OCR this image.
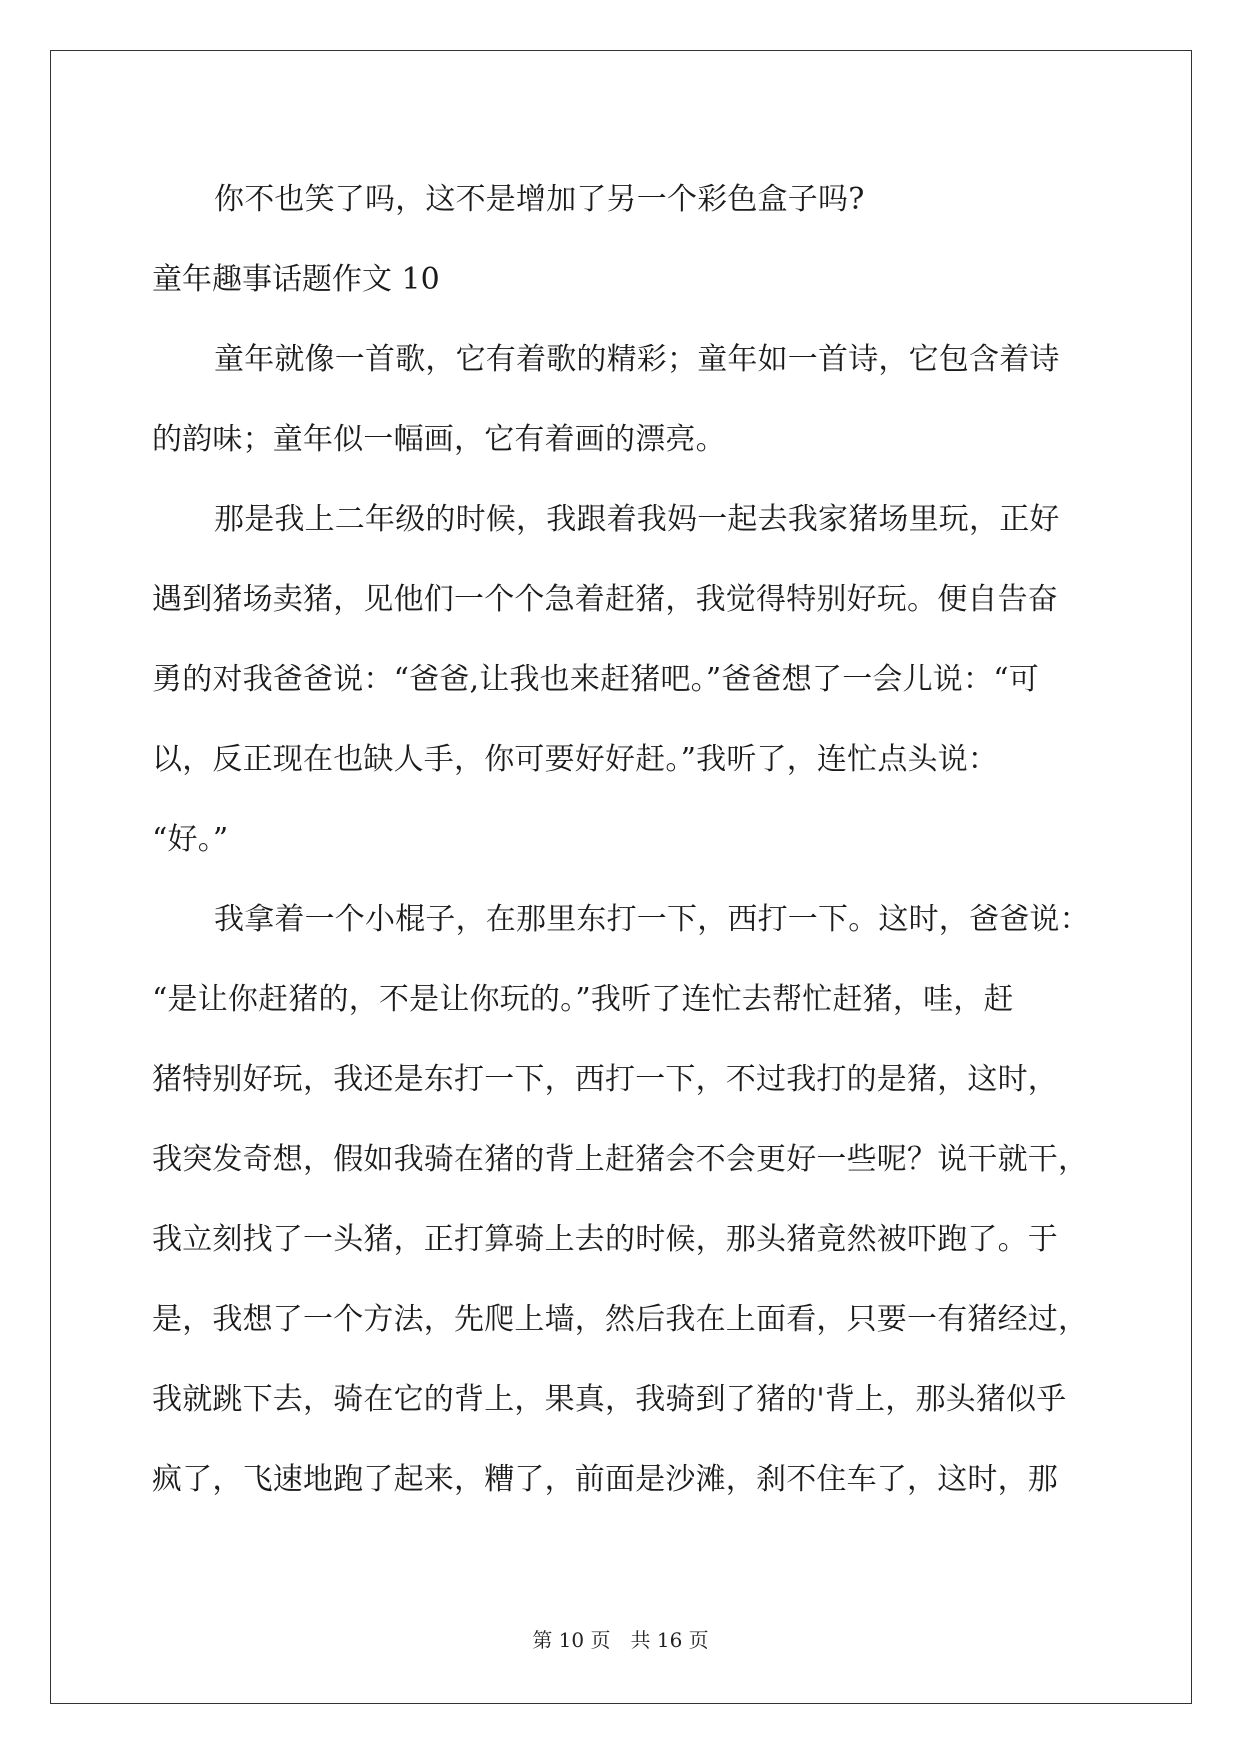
你不也笑了吗，这不是增加了另一个彩色盒子吗?
童年趣事话题作文 10
童年就像一首歌，它有着歌的精彩；童年如一首诗，它包含着诗
的韵味；童年似一幅画，它有着画的漂亮。
那是我上二年级的时候，我跟着我妈一起去我家猪场里玩，正好
遇到猪场卖猪，见他们一个个急着赶猪，我觉得特别好玩。便自告奋
勇的对我爸爸说：“爸爸,让我也来赶猪吧。”爸爸想了一会儿说：“可
以，反正现在也缺人手，你可要好好赶。”我听了，连忙点头说：
“好。”
我拿着一个小棍子，在那里东打一下，西打一下。这时，爸爸说：
“是让你赶猪的，不是让你玩的。”我听了连忙去帮忙赶猪，哇，赶
猪特别好玩，我还是东打一下，西打一下，不过我打的是猪，这时，
我突发奇想，假如我骑在猪的背上赶猪会不会更好一些呢？说干就干，
我立刻找了一头猪，正打算骑上去的时候，那头猪竟然被吓跑了。于
是，我想了一个方法，先爬上墙，然后我在上面看，只要一有猪经过，
我就跳下去，骑在它的背上，果真，我骑到了猪的'背上，那头猪似乎
疯了，飞速地跑了起来，糟了，前面是沙滩，刹不住车了，这时，那
第 10 页　共 16 页
